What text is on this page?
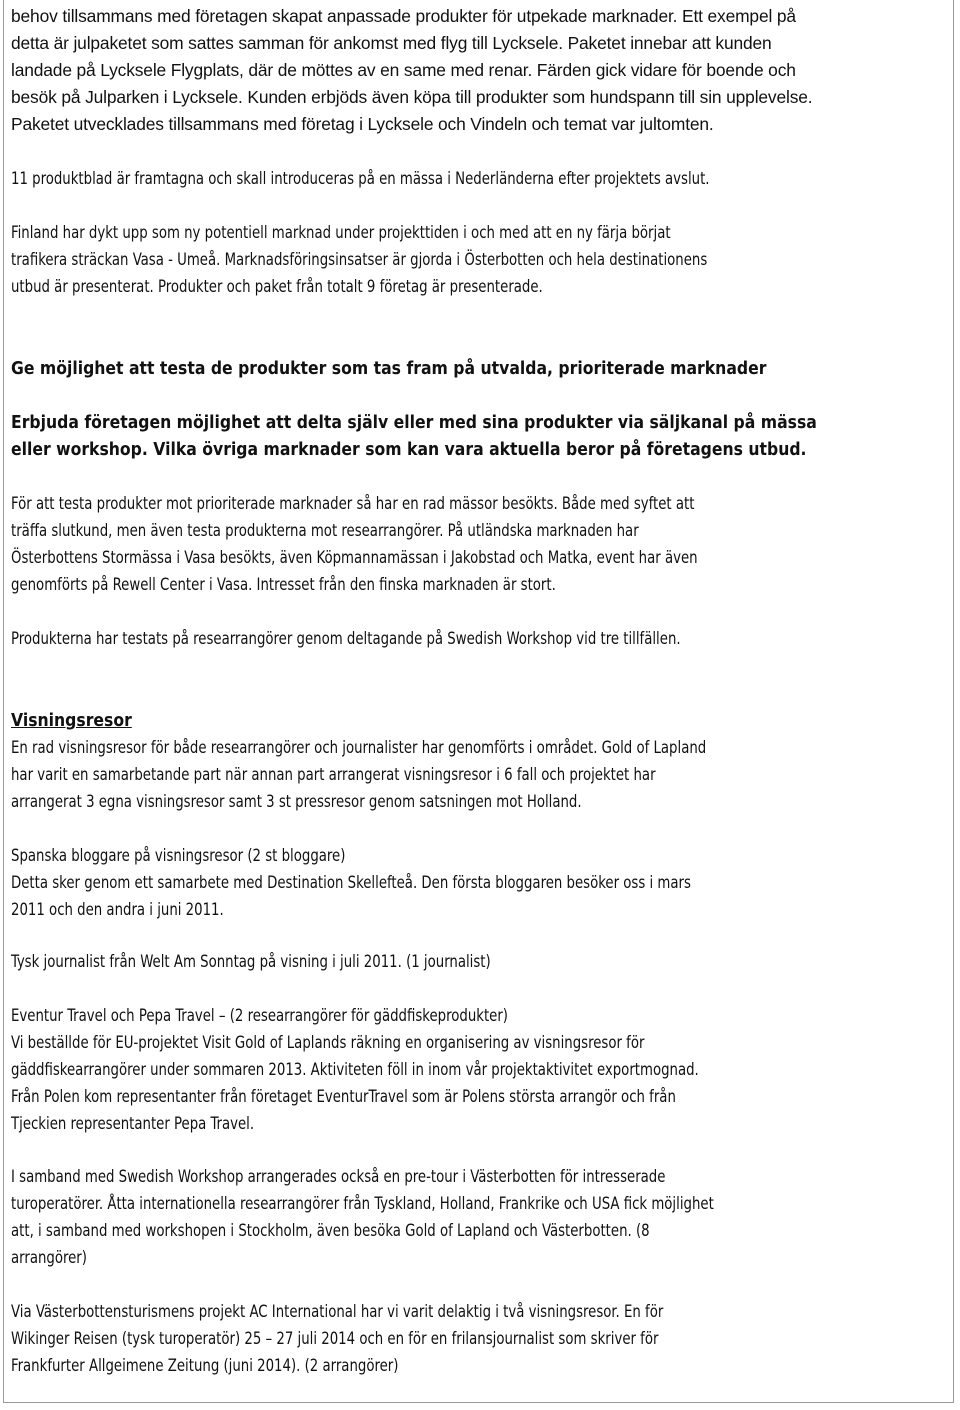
behov tillsammans med företagen skapat anpassade produkter för utpekade marknader. Ett exempel på
detta är julpaketet som sattes samman för ankomst med flyg till Lycksele. Paketet innebar att kunden
landade på Lycksele Flygplats, där de möttes av en same med renar. Färden gick vidare för boende och
besök på Julparken i Lycksele. Kunden erbjöds även köpa till produkter som hundspann till sin upplevelse.
Paketet utvecklades tillsammans med företag i Lycksele och Vindeln och temat var jultomten.
11 produktblad är framtagna och skall introduceras på en mässa i Nederländerna efter projektets avslut.
Finland har dykt upp som ny potentiell marknad under projekttiden i och med att en ny färja börjat
trafikera sträckan Vasa - Umeå. Marknadsföringsinsatser är gjorda i Österbotten och hela destinationens
utbud är presenterat. Produkter och paket från totalt 9 företag är presenterade.
Ge möjlighet att testa de produkter som tas fram på utvalda, prioriterade marknader
Erbjuda företagen möjlighet att delta själv eller med sina produkter via säljkanal på mässa
eller workshop. Vilka övriga marknader som kan vara aktuella beror på företagens utbud.
För att testa produkter mot prioriterade marknader så har en rad mässor besökts. Både med syftet att
träffa slutkund, men även testa produkterna mot researrangörer. På utländska marknaden har
Österbottens Stormässa i Vasa besökts, även Köpmannamässan i Jakobstad och Matka, event har även
genomförts på Rewell Center i Vasa. Intresset från den finska marknaden är stort.
Produkterna har testats på researrangörer genom deltagande på Swedish Workshop vid tre tillfällen.
Visningsresor
En rad visningsresor för både researrangörer och journalister har genomförts i området. Gold of Lapland
har varit en samarbetande part när annan part arrangerat visningsresor i 6 fall och projektet har
arrangerat 3 egna visningsresor samt 3 st pressresor genom satsningen mot Holland.
Spanska bloggare på visningsresor (2 st bloggare)
Detta sker genom ett samarbete med Destination Skellefteå. Den första bloggaren besöker oss i mars
2011 och den andra i juni 2011.
Tysk journalist från Welt Am Sonntag på visning i juli 2011. (1 journalist)
Eventur Travel och Pepa Travel – (2 researrangörer för gäddfiskeprodukter)
Vi beställde för EU-projektet Visit Gold of Laplands räkning en organisering av visningsresor för
gäddfiskearrangörer under sommaren 2013. Aktiviteten föll in inom vår projektaktivitet exportmognad.
Från Polen kom representanter från företaget EventurTravel som är Polens största arrangör och från
Tjeckien representanter Pepa Travel.
I samband med Swedish Workshop arrangerades också en pre-tour i Västerbotten för intresserade
turoperatörer. Åtta internationella researrangörer från Tyskland, Holland, Frankrike och USA fick möjlighet
att, i samband med workshopen i Stockholm, även besöka Gold of Lapland och Västerbotten. (8
arrangörer)
Via Västerbottensturismens projekt AC International har vi varit delaktig i två visningsresor. En för
Wikinger Reisen (tysk turoperatör) 25 – 27 juli 2014 och en för en frilansjournalist som skriver för
Frankfurter Allgeimene Zeitung (juni 2014). (2 arrangörer)
